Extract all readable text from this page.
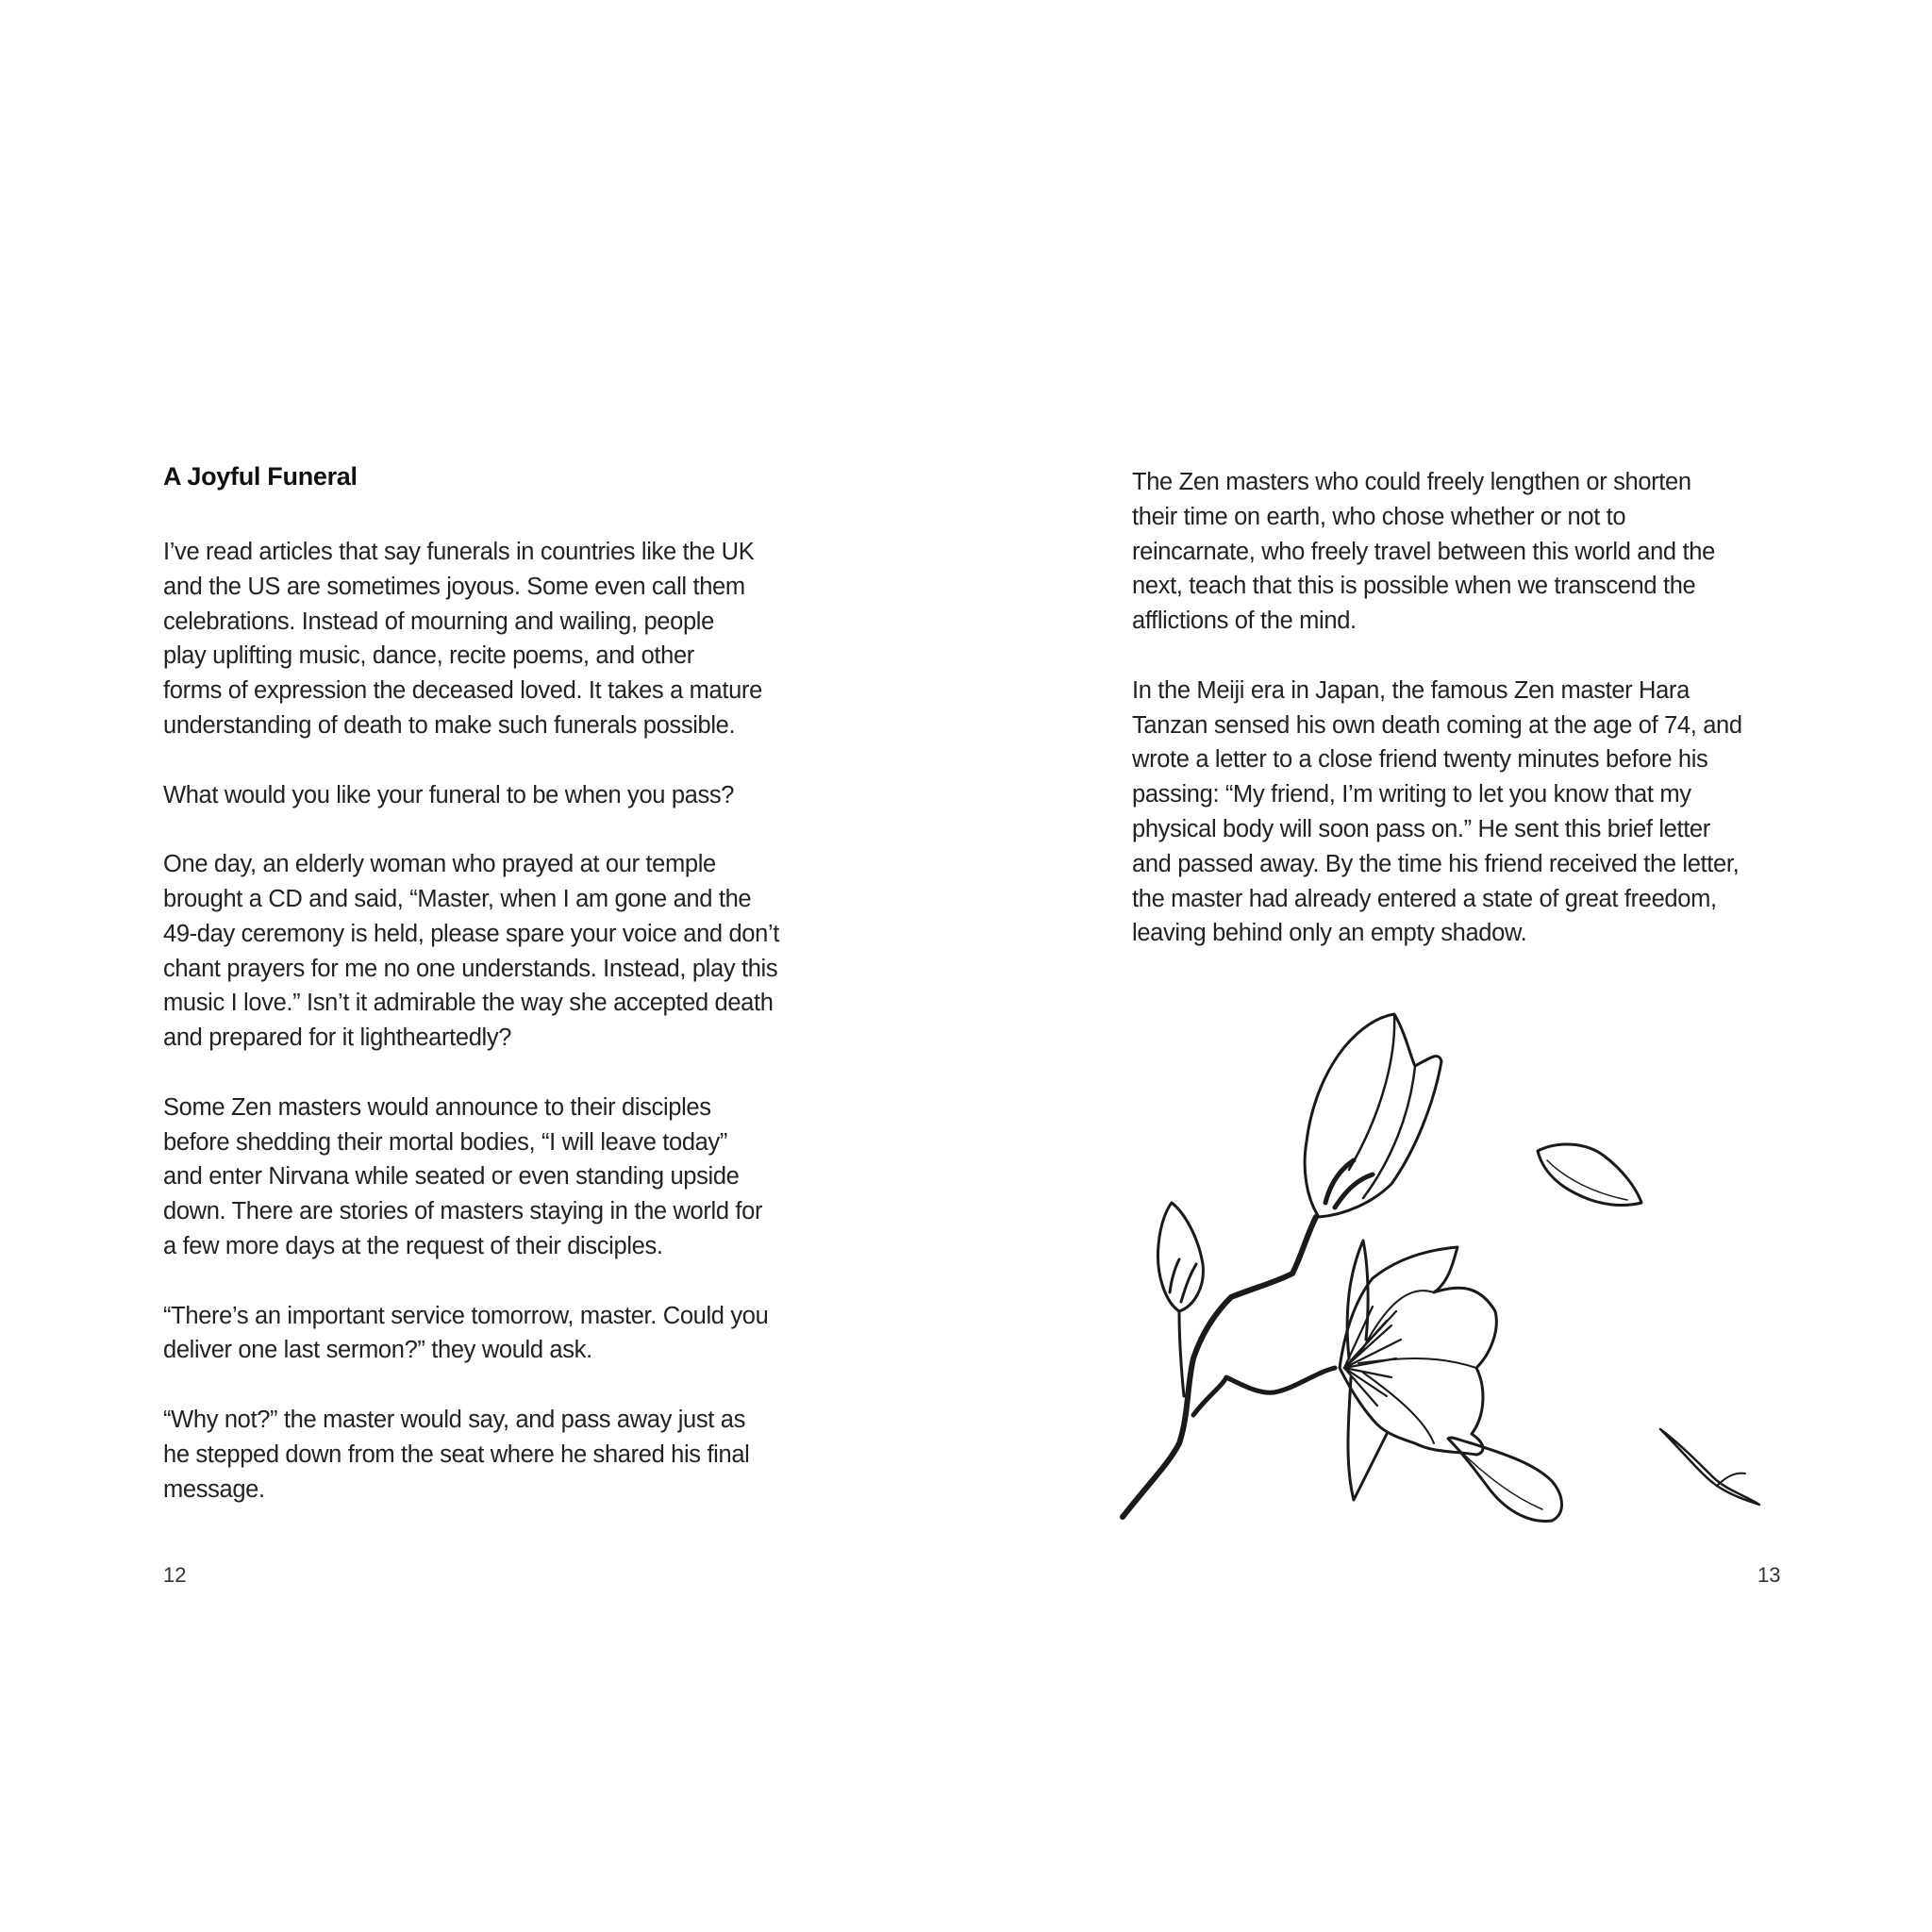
A Joyful Funeral

I’ve read articles that say funerals in countries like the UK
and the US are sometimes joyous. Some even call them
celebrations. Instead of mourning and wailing, people
play uplifting music, dance, recite poems, and other
forms of expression the deceased loved. It takes a mature
understanding of death to make such funerals possible.

What would you like your funeral to be when you pass?

One day, an elderly woman who prayed at our temple
brought a CD and said, “Master, when I am gone and the
49-day ceremony is held, please spare your voice and don’t
chant prayers for me no one understands. Instead, play this
music I love.” Isn’t it admirable the way she accepted death
and prepared for it lightheartedly?

Some Zen masters would announce to their disciples
before shedding their mortal bodies, “I will leave today”
and enter Nirvana while seated or even standing upside
down. There are stories of masters staying in the world for
a few more days at the request of their disciples.

“There’s an important service tomorrow, master. Could you
deliver one last sermon?” they would ask.

“Why not?” the master would say, and pass away just as
he stepped down from the seat where he shared his final
message.

12

The Zen masters who could freely lengthen or shorten
their time on earth, who chose whether or not to
reincarnate, who freely travel between this world and the
next, teach that this is possible when we transcend the
afflictions of the mind.

In the Meiji era in Japan, the famous Zen master Hara
Tanzan sensed his own death coming at the age of 74, and
wrote a letter to a close friend twenty minutes before his
passing: “My friend, I’m writing to let you know that my
physical body will soon pass on.” He sent this brief letter
and passed away. By the time his friend received the letter,
the master had already entered a state of great freedom,
leaving behind only an empty shadow.

13
